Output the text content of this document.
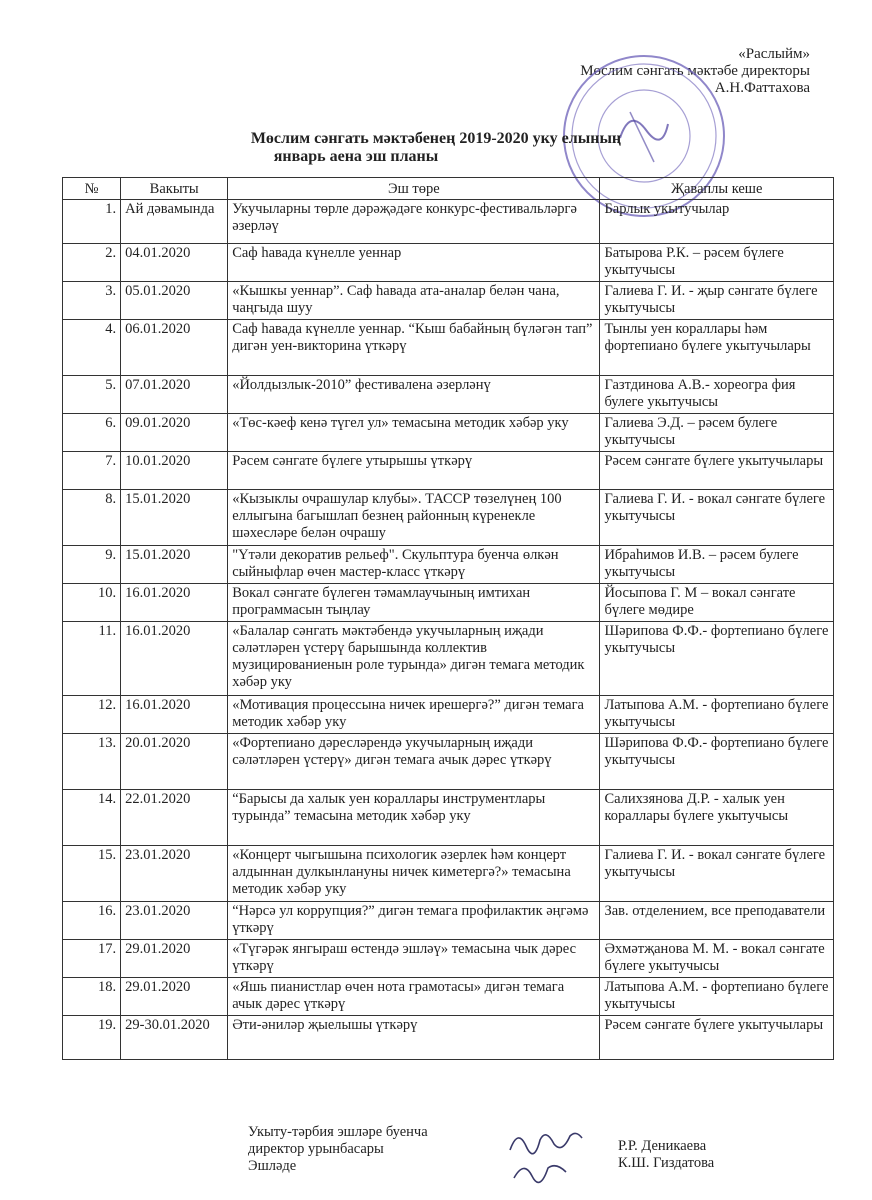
«Раслыйм»
Мөслим сәнгать мәктәбе директоры
А.Н.Фаттахова
Мөслим сәнгать мәктәбенең 2019-2020 уку елының
январь аена эш планы
№	Вакыты	Эш төре	Җаваплы кеше
1.	Ай дәвамында	Укучыларны төрле дәрәҗәдәге конкурс-фестивальләргә әзерләү	Барлык укытучылар
2.	04.01.2020	Саф һавада күнелле уеннар	Батырова Р.К. – рәсем бүлеге укытучысы
3.	05.01.2020	«Кышкы уеннар”. Саф һавада ата-аналар белән чана, чаңгыда шуу	Галиева Г. И. - җыр сәнгате бүлеге укытучысы
4.	06.01.2020	Саф һавада күнелле уеннар. “Кыш бабайның бүләгән тап” дигән уен-викторина үткәрү	Тынлы уен кораллары һәм фортепиано бүлеге укытучылары
5.	07.01.2020	«Йолдызлык-2010” фестивалена әзерләнү	Газтдинова А.В.- хореогра фия булеге укытучысы
6.	09.01.2020	«Төс-кәеф кенә түгел ул» темасына методик хәбәр уку	Галиева Э.Д. – рәсем булеге укытучысы
7.	10.01.2020	Рәсем сәнгате бүлеге утырышы үткәрү	Рәсем сәнгате бүлеге укытучылары
8.	15.01.2020	«Кызыклы очрашулар клубы». ТАССР төзелүнең 100 еллыгына багышлап безнең районның күренекле шәхесләре белән очрашу	Галиева Г. И. - вокал сәнгате бүлеге укытучысы
9.	15.01.2020	"Үтәли декоратив рельеф". Скульптура буенча өлкән сыйныфлар өчен мастер-класс үткәрү	Ибраһимов И.В. – рәсем булеге укытучысы
10.	16.01.2020	Вокал сәнгате бүлеген тәмамлаучының имтихан программасын тыңлау	Йосыпова Г. М – вокал сәнгате бүлеге мөдире
11.	16.01.2020	«Балалар сәнгать мәктәбендә укучыларның иҗади сәләтләрен үстерү барышында коллектив музицированиенын роле турында» дигән темага методик хәбәр уку	Шәрипова Ф.Ф.- фортепиано бүлеге укытучысы
12.	16.01.2020	«Мотивация процессына ничек ирешергә?” дигән темага методик хәбәр уку	Латыпова А.М. - фортепиано бүлеге укытучысы
13.	20.01.2020	«Фортепиано дәресләрендә укучыларның иҗади сәләтләрен үстерү» дигән темага ачык дәрес үткәрү	Шәрипова Ф.Ф.- фортепиано бүлеге укытучысы
14.	22.01.2020	“Барысы да халык уен кораллары инструментлары турында” темасына методик хәбәр уку	Салихзянова Д.Р. - халык уен кораллары бүлеге укытучысы
15.	23.01.2020	«Концерт чыгышына психологик әзерлек һәм концерт алдыннан дулкынлануны ничек киметергә?» темасына методик хәбәр уку	Галиева Г. И. - вокал сәнгате бүлеге укытучысы
16.	23.01.2020	“Нәрсә ул коррупция?” дигән темага профилактик әңгәмә үткәрү	Зав. отделением, все преподаватели
17.	29.01.2020	«Түгәрәк янгыраш өстендә эшләү» темасына чык дәрес үткәрү	Әхмәтҗанова М. М. - вокал сәнгате бүлеге укытучысы
18.	29.01.2020	«Яшь пианистлар өчен нота грамотасы» дигән темага ачык дәрес үткәрү	Латыпова А.М. - фортепиано бүлеге укытучысы
19.	29-30.01.2020	Әти-әниләр җыелышы үткәрү	Рәсем сәнгате бүлеге укытучылары
Укыту-тәрбия эшләре буенча
директор урынбасары
Эшләде
Р.Р. Деникаева
К.Ш. Гиздатова
